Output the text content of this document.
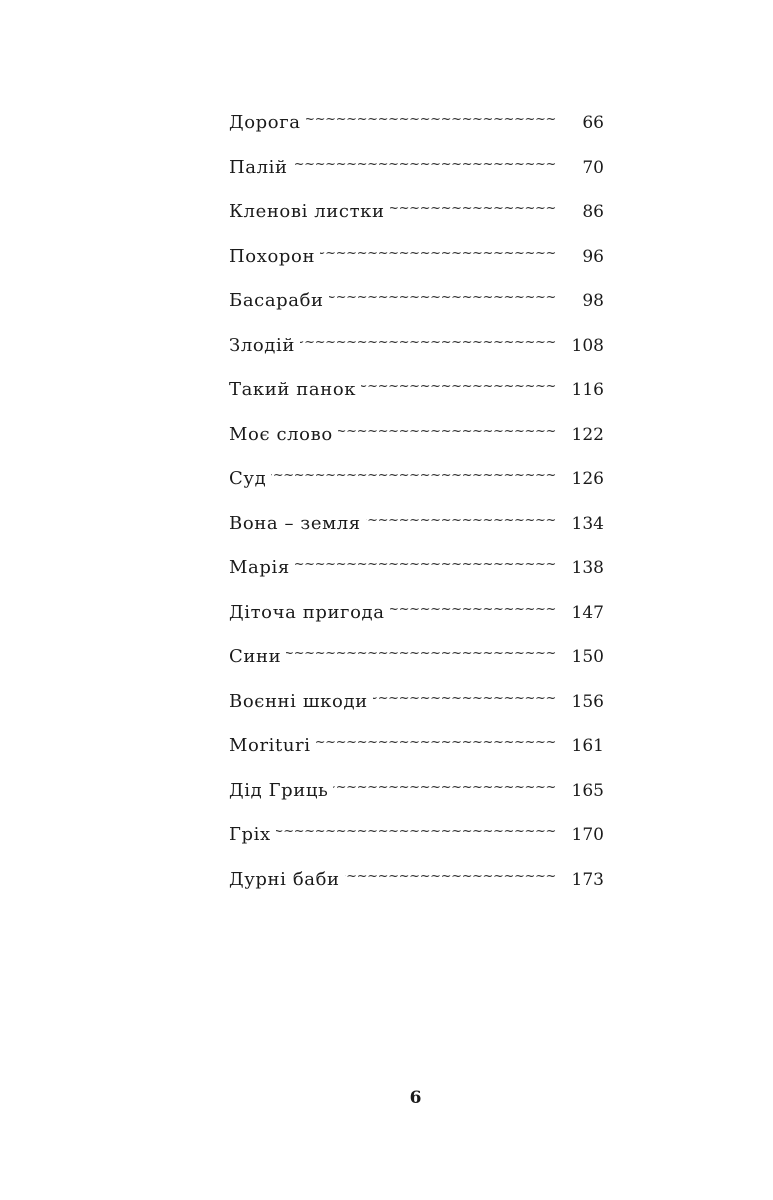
Дорога ~~~~~	66
Палій ~~~~~	70
Кленові листки ~~~~~	86
Похорон ~~~~~	96
Басараби ~~~~~	98
Злодій ~~~~~	108
Такий панок ~~~~~	116
Моє слово ~~~~~	122
Суд ~~~~~	126
Вона – земля ~~~~~	134
Марія ~~~~~	138
Діточа пригода ~~~~~	147
Сини ~~~~~	150
Воєнні шкоди ~~~~~	156
Moriturі ~~~~~	161
Дід Гриць ~~~~~	165
Гріх ~~~~~	170
Дурні баби ~~~~~	173
6
